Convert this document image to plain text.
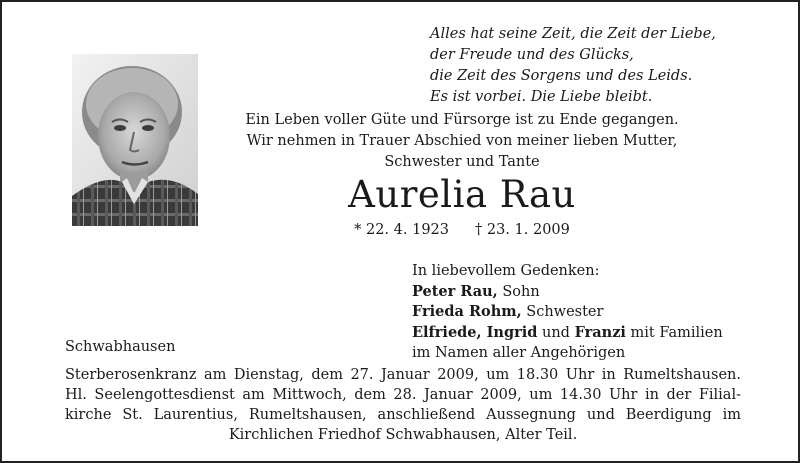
Alles hat seine Zeit, die Zeit der Liebe,
der Freude und des Glücks,
die Zeit des Sorgens und des Leids.
Es ist vorbei. Die Liebe bleibt.
Ein Leben voller Güte und Fürsorge ist zu Ende gegangen.
Wir nehmen in Trauer Abschied von meiner lieben Mutter,
Schwester und Tante
Aurelia Rau
* 22. 4. 1923 † 23. 1. 2009
In liebevollem Gedenken:
Peter Rau, Sohn
Frieda Rohm, Schwester
Elfriede, Ingrid und Franzi mit Familien
im Namen aller Angehörigen
Schwabhausen
Sterberosenkranz am Dienstag, dem 27. Januar 2009, um 18.30 Uhr in Rumeltshausen.
Hl. Seelengottesdienst am Mittwoch, dem 28. Januar 2009, um 14.30 Uhr in der Filial-
kirche St. Laurentius, Rumeltshausen, anschließend Aussegnung und Beerdigung im
Kirchlichen Friedhof Schwabhausen, Alter Teil.
